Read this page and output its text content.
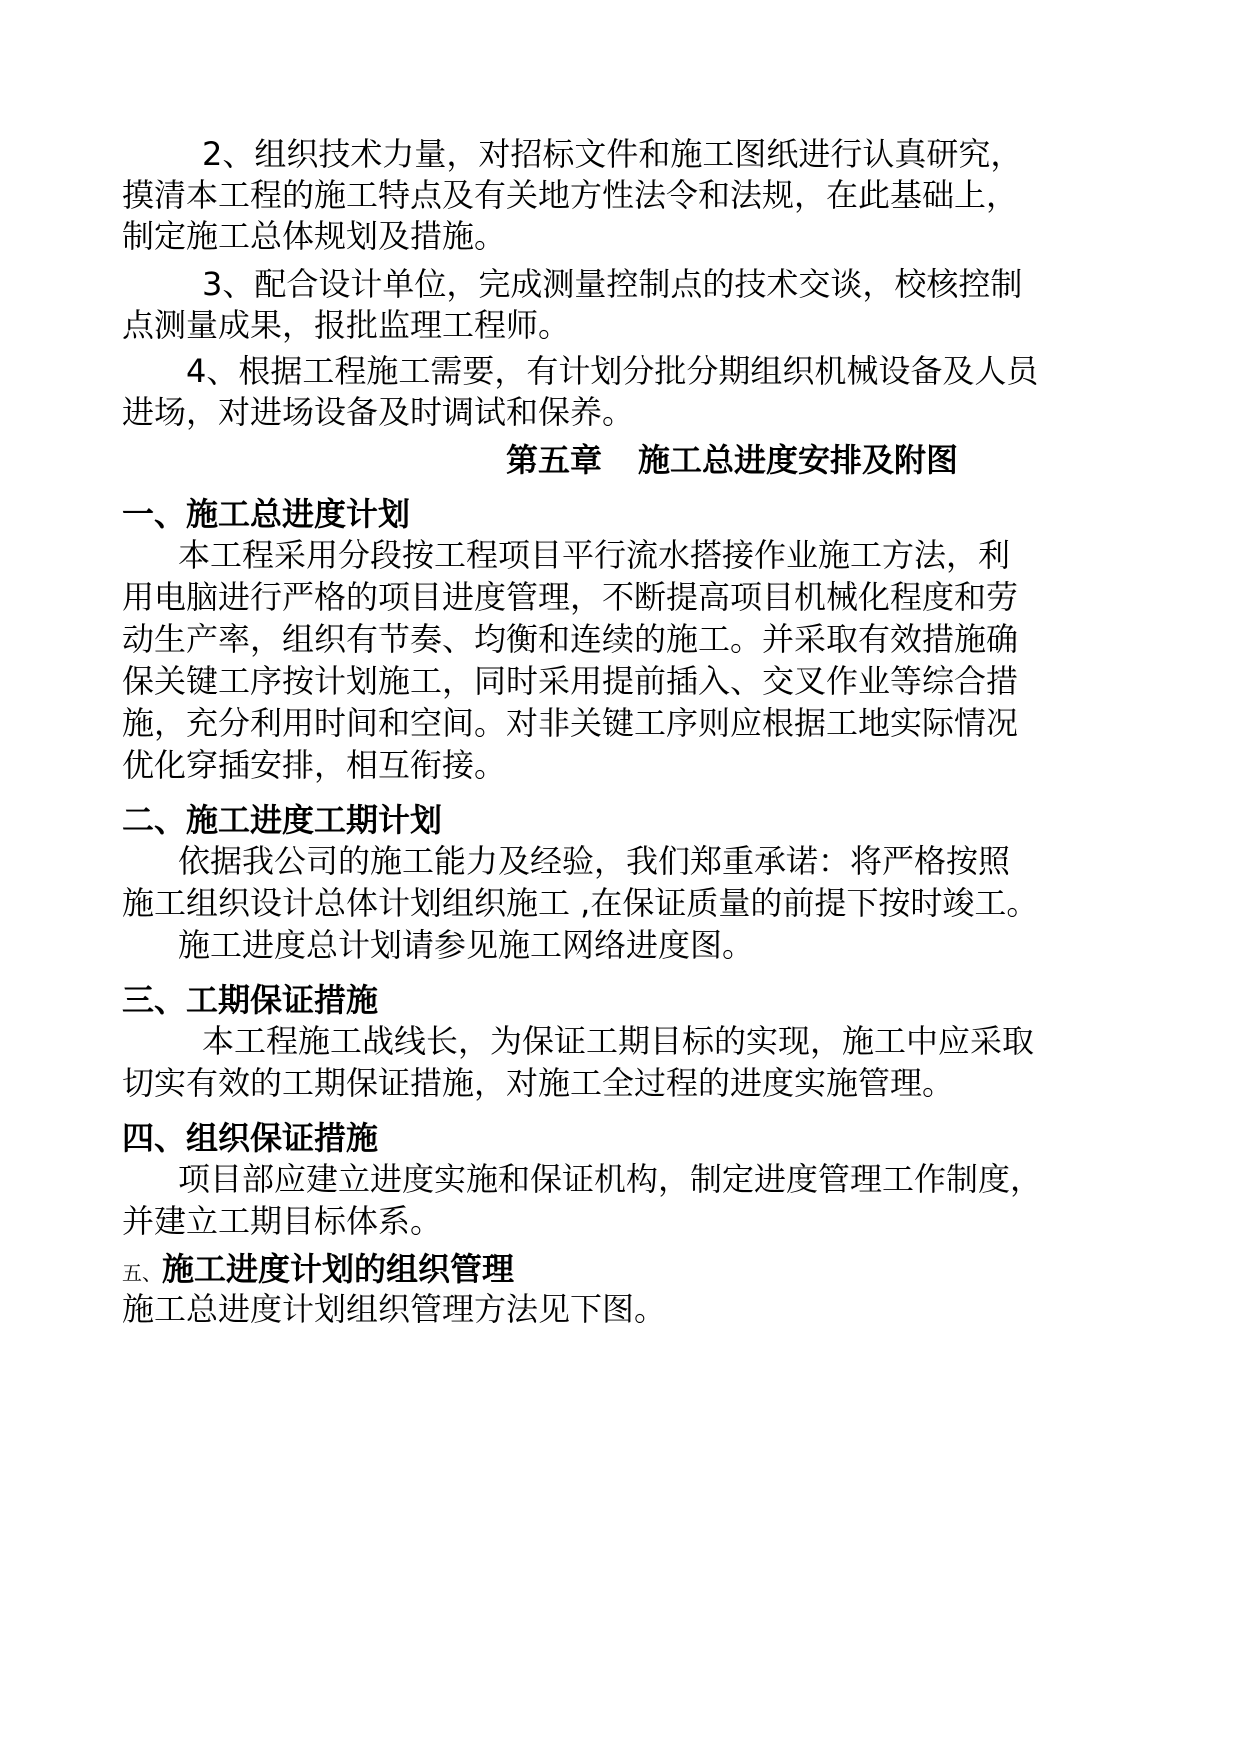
2、组织技术力量，对招标文件和施工图纸进行认真研究，
摸清本工程的施工特点及有关地方性法令和法规，在此基础上，
制定施工总体规划及措施。
3、配合设计单位，完成测量控制点的技术交谈，校核控制
点测量成果，报批监理工程师。
4、根据工程施工需要，有计划分批分期组织机械设备及人员
进场，对进场设备及时调试和保养。
第五章 施工总进度安排及附图
一、施工总进度计划
本工程采用分段按工程项目平行流水搭接作业施工方法，利
用电脑进行严格的项目进度管理，不断提高项目机械化程度和劳
动生产率，组织有节奏、均衡和连续的施工。并采取有效措施确
保关键工序按计划施工，同时采用提前插入、交叉作业等综合措
施，充分利用时间和空间。对非关键工序则应根据工地实际情况
优化穿插安排，相互衔接。
二、施工进度工期计划
依据我公司的施工能力及经验，我们郑重承诺：将严格按照
施工组织设计总体计划组织施工 ,在保证质量的前提下按时竣工。
施工进度总计划请参见施工网络进度图。
三、工期保证措施
本工程施工战线长，为保证工期目标的实现，施工中应采取
切实有效的工期保证措施，对施工全过程的进度实施管理。
四、组织保证措施
项目部应建立进度实施和保证机构，制定进度管理工作制度，
并建立工期目标体系。
五、施工进度计划的组织管理
施工总进度计划组织管理方法见下图。
